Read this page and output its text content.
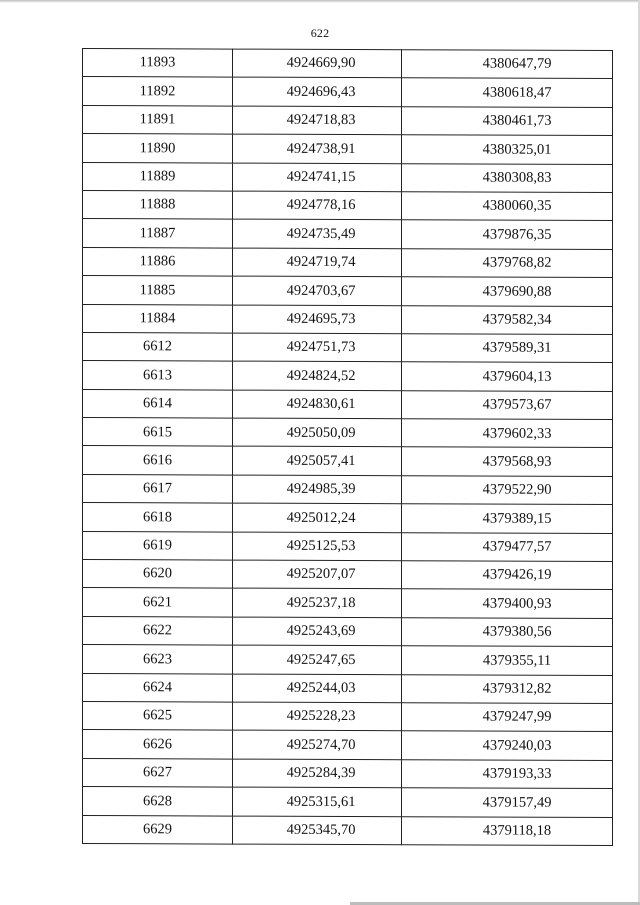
622
11893	4924669,90	4380647,79
11892	4924696,43	4380618,47
11891	4924718,83	4380461,73
11890	4924738,91	4380325,01
11889	4924741,15	4380308,83
11888	4924778,16	4380060,35
11887	4924735,49	4379876,35
11886	4924719,74	4379768,82
11885	4924703,67	4379690,88
11884	4924695,73	4379582,34
6612	4924751,73	4379589,31
6613	4924824,52	4379604,13
6614	4924830,61	4379573,67
6615	4925050,09	4379602,33
6616	4925057,41	4379568,93
6617	4924985,39	4379522,90
6618	4925012,24	4379389,15
6619	4925125,53	4379477,57
6620	4925207,07	4379426,19
6621	4925237,18	4379400,93
6622	4925243,69	4379380,56
6623	4925247,65	4379355,11
6624	4925244,03	4379312,82
6625	4925228,23	4379247,99
6626	4925274,70	4379240,03
6627	4925284,39	4379193,33
6628	4925315,61	4379157,49
6629	4925345,70	4379118,18
